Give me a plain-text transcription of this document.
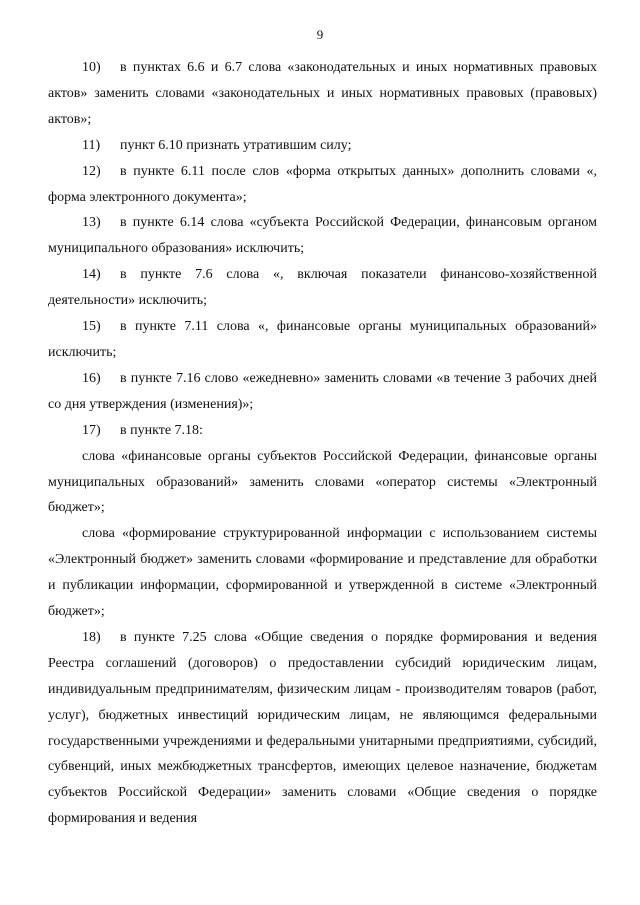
9

10) в пунктах 6.6 и 6.7 слова «законодательных и иных нормативных правовых актов» заменить словами «законодательных и иных нормативных правовых (правовых) актов»;

11) пункт 6.10 признать утратившим силу;

12) в пункте 6.11 после слов «форма открытых данных» дополнить словами «, форма электронного документа»;

13) в пункте 6.14 слова «субъекта Российской Федерации, финансовым органом муниципального образования» исключить;

14) в пункте 7.6 слова «, включая показатели финансово-хозяйственной деятельности» исключить;

15) в пункте 7.11 слова «, финансовые органы муниципальных образований» исключить;

16) в пункте 7.16 слово «ежедневно» заменить словами «в течение 3 рабочих дней со дня утверждения (изменения)»;

17) в пункте 7.18:

слова «финансовые органы субъектов Российской Федерации, финансовые органы муниципальных образований» заменить словами «оператор системы «Электронный бюджет»;

слова «формирование структурированной информации с использованием системы «Электронный бюджет» заменить словами «формирование и представление для обработки и публикации информации, сформированной и утвержденной в системе «Электронный бюджет»;

18) в пункте 7.25 слова «Общие сведения о порядке формирования и ведения Реестра соглашений (договоров) о предоставлении субсидий юридическим лицам, индивидуальным предпринимателям, физическим лицам - производителям товаров (работ, услуг), бюджетных инвестиций юридическим лицам, не являющимся федеральными государственными учреждениями и федеральными унитарными предприятиями, субсидий, субвенций, иных межбюджетных трансфертов, имеющих целевое назначение, бюджетам субъектов Российской Федерации» заменить словами «Общие сведения о порядке формирования и ведения
